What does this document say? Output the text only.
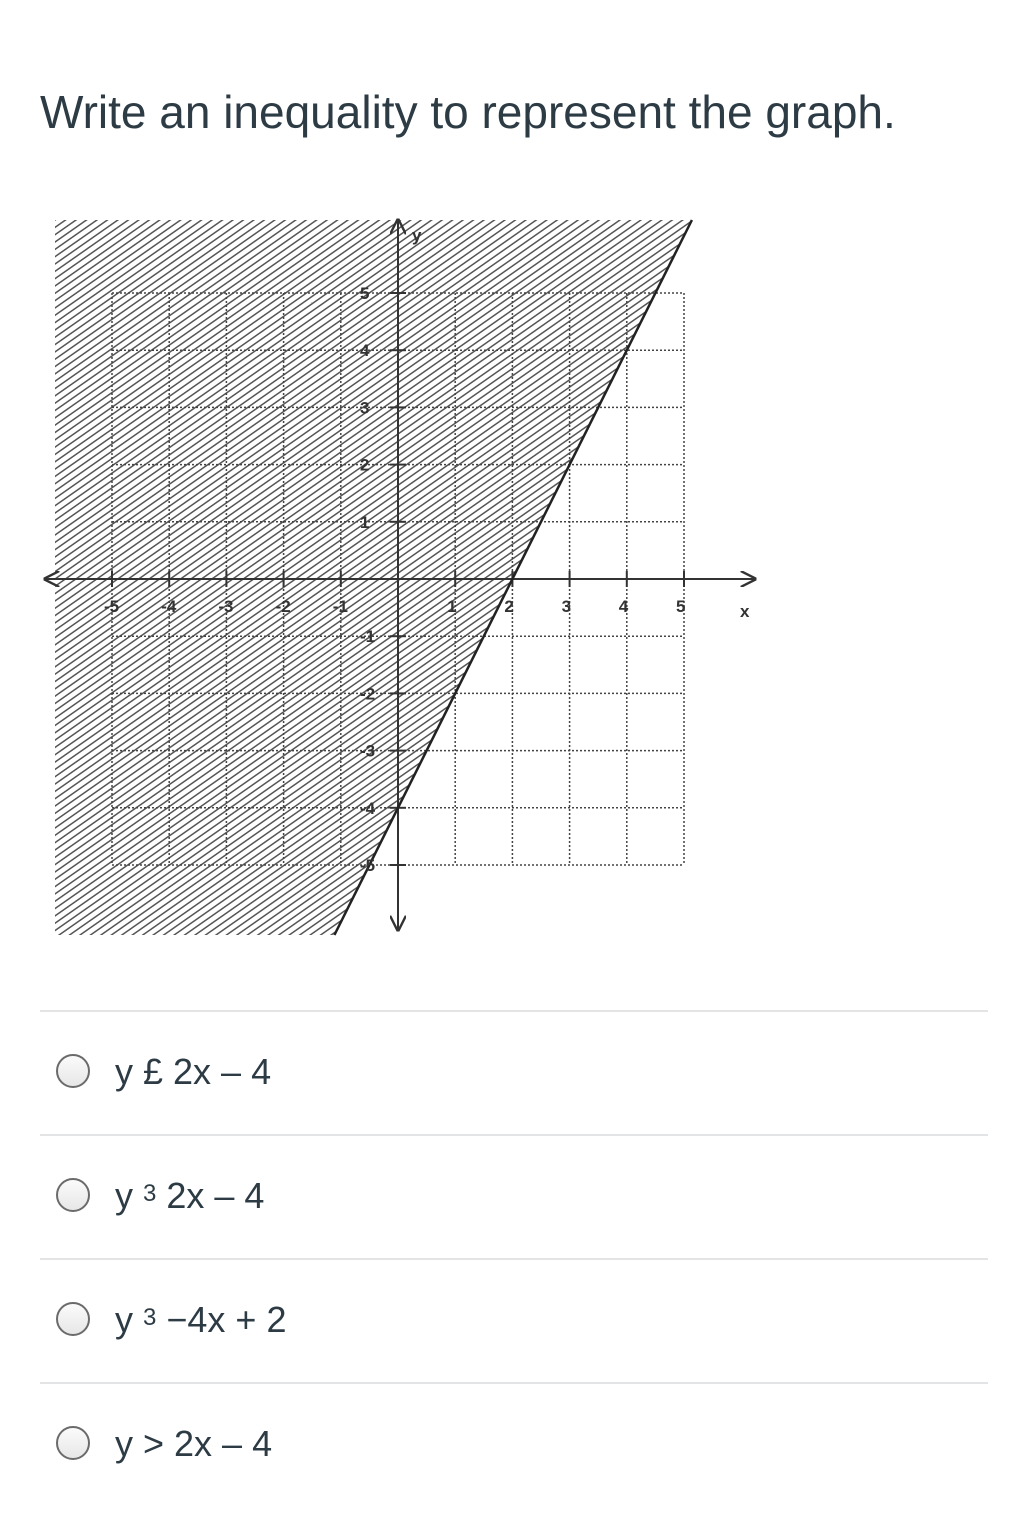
Write an inequality to represent the graph.
-5 -4 -3 -2 -1	1	2	3	4	5
5
4
3
2
1
-1
-2
-3
-4
-5
x
y
y £ 2x – 4
y $^3$ 2x – 4
y $^3$ −4x + 2
y > 2x – 4
